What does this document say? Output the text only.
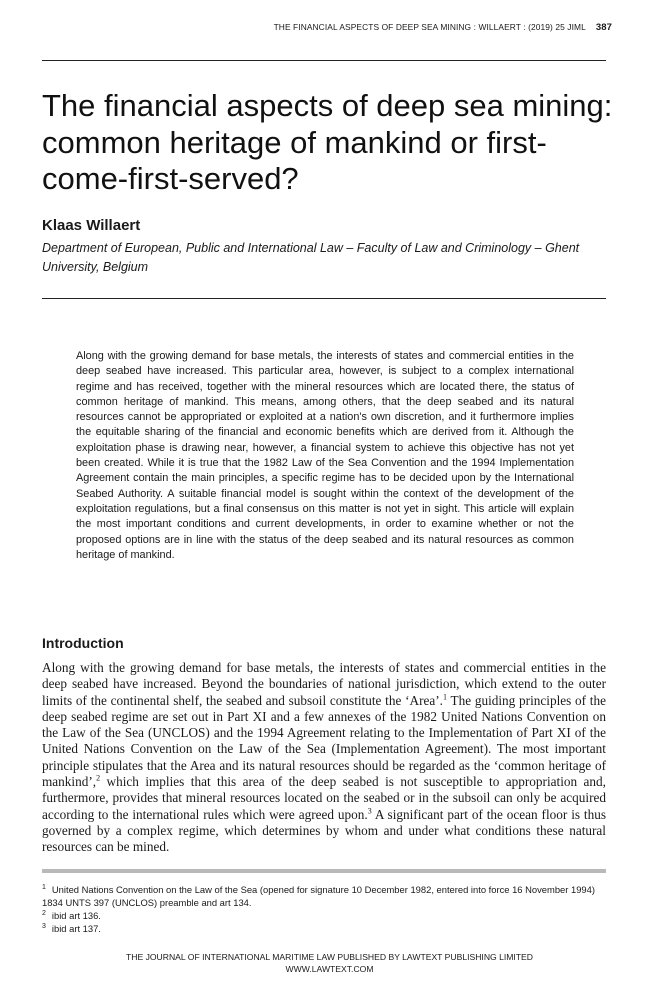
THE FINANCIAL ASPECTS OF DEEP SEA MINING : WILLAERT : (2019) 25 JIML 387
The financial aspects of deep sea mining: common heritage of mankind or first-come-first-served?
Klaas Willaert
Department of European, Public and International Law – Faculty of Law and Criminology – Ghent University, Belgium

Along with the growing demand for base metals, the interests of states and commercial entities in the deep seabed have increased. This particular area, however, is subject to a complex international regime and has received, together with the mineral resources which are located there, the status of common heritage of mankind. This means, among others, that the deep seabed and its natural resources cannot be appropriated or exploited at a nation's own discretion, and it furthermore implies the equitable sharing of the financial and economic benefits which are derived from it. Although the exploitation phase is drawing near, however, a financial system to achieve this objective has not yet been created. While it is true that the 1982 Law of the Sea Convention and the 1994 Implementation Agreement contain the main principles, a specific regime has to be decided upon by the International Seabed Authority. A suitable financial model is sought within the context of the development of the exploitation regulations, but a final consensus on this matter is not yet in sight. This article will explain the most important conditions and current developments, in order to examine whether or not the proposed options are in line with the status of the deep seabed and its natural resources as common heritage of mankind.

Introduction

Along with the growing demand for base metals, the interests of states and commercial entities in the deep seabed have increased. Beyond the boundaries of national jurisdiction, which extend to the outer limits of the continental shelf, the seabed and subsoil constitute the ‘Area’.$^1$ The guiding principles of the deep seabed regime are set out in Part XI and a few annexes of the 1982 United Nations Convention on the Law of the Sea (UNCLOS) and the 1994 Agreement relating to the Implementation of Part XI of the United Nations Convention on the Law of the Sea (Implementation Agreement). The most important principle stipulates that the Area and its natural resources should be regarded as the ‘common heritage of mankind’,$^2$ which implies that this area of the deep seabed is not susceptible to appropriation and, furthermore, provides that mineral resources located on the seabed or in the subsoil can only be acquired according to the international rules which were agreed upon.$^3$ A significant part of the ocean floor is thus governed by a complex regime, which determines by whom and under what conditions these natural resources can be mined.

$^1$ United Nations Convention on the Law of the Sea (opened for signature 10 December 1982, entered into force 16 November 1994) 1834 UNTS 397 (UNCLOS) preamble and art 134.

$^2$ ibid art 136.

$^3$ ibid art 137.

THE JOURNAL OF INTERNATIONAL MARITIME LAW PUBLISHED BY LAWTEXT PUBLISHING LIMITED
WWW.LAWTEXT.COM
